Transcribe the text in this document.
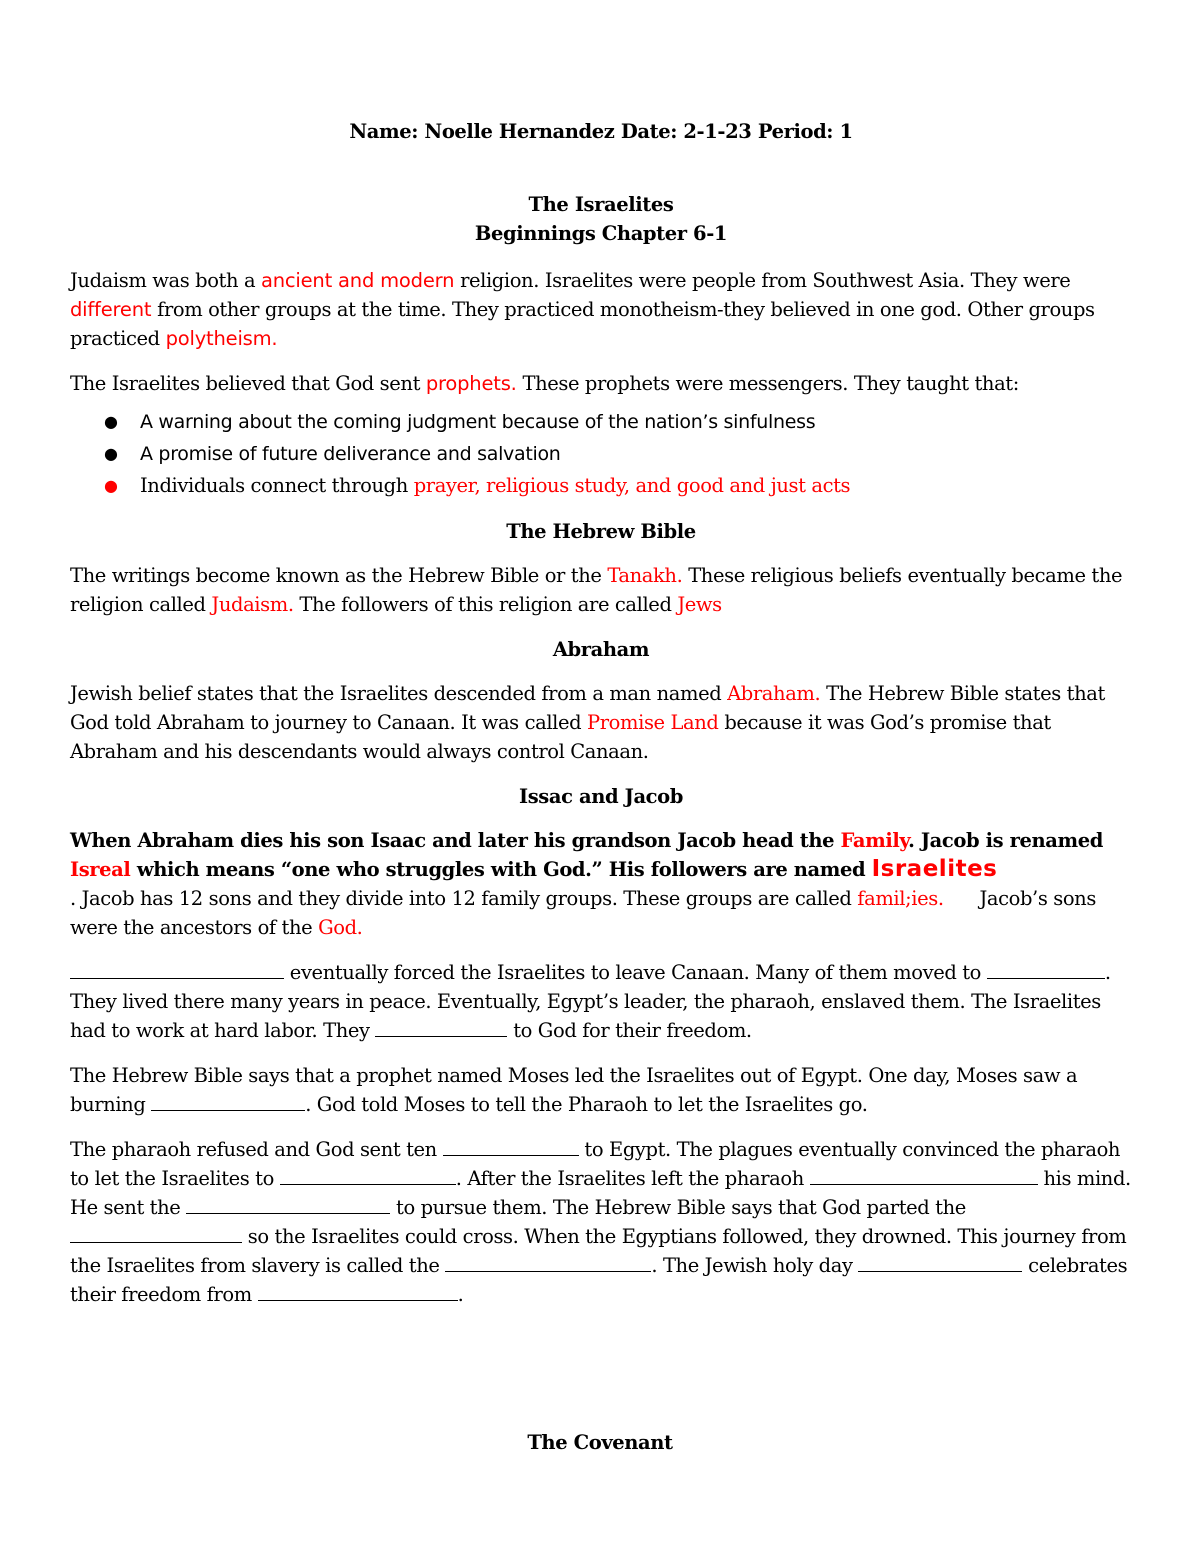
Name: Noelle Hernandez Date: 2-1-23 Period: 1

The Israelites

Beginnings Chapter 6-1

Judaism was both a ancient and modern religion. Israelites were people from Southwest Asia. They were different from other groups at the time. They practiced monotheism-they believed in one god. Other groups practiced polytheism.

The Israelites believed that God sent prophets. These prophets were messengers. They taught that:

● A warning about the coming judgment because of the nation’s sinfulness
● A promise of future deliverance and salvation
● Individuals connect through prayer, religious study, and good and just acts

The Hebrew Bible

The writings become known as the Hebrew Bible or the Tanakh. These religious beliefs eventually became the religion called Judaism. The followers of this religion are called Jews

Abraham

Jewish belief states that the Israelites descended from a man named Abraham. The Hebrew Bible states that God told Abraham to journey to Canaan. It was called Promise Land because it was God’s promise that Abraham and his descendants would always control Canaan.

Issac and Jacob

When Abraham dies his son Isaac and later his grandson Jacob head the Family. Jacob is renamed Isreal which means “one who struggles with God.” His followers are named Israelites
. Jacob has 12 sons and they divide into 12 family groups. These groups are called famil;ies. Jacob’s sons were the ancestors of the God.

eventually forced the Israelites to leave Canaan. Many of them moved to	. They lived there many years in peace. Eventually, Egypt’s leader, the pharaoh, enslaved them. The Israelites had to work at hard labor. They	to God for their freedom.

The Hebrew Bible says that a prophet named Moses led the Israelites out of Egypt. One day, Moses saw a burning	. God told Moses to tell the Pharaoh to let the Israelites go.

The pharaoh refused and God sent ten	to Egypt. The plagues eventually convinced the pharaoh to let the Israelites to	. After the Israelites left the pharaoh	his mind. He sent the	to pursue them. The Hebrew Bible says that God parted the  so the Israelites could cross. When the Egyptians followed, they drowned. This journey from the Israelites from slavery is called the	. The Jewish holy day	celebrates their freedom from	.

The Covenant
